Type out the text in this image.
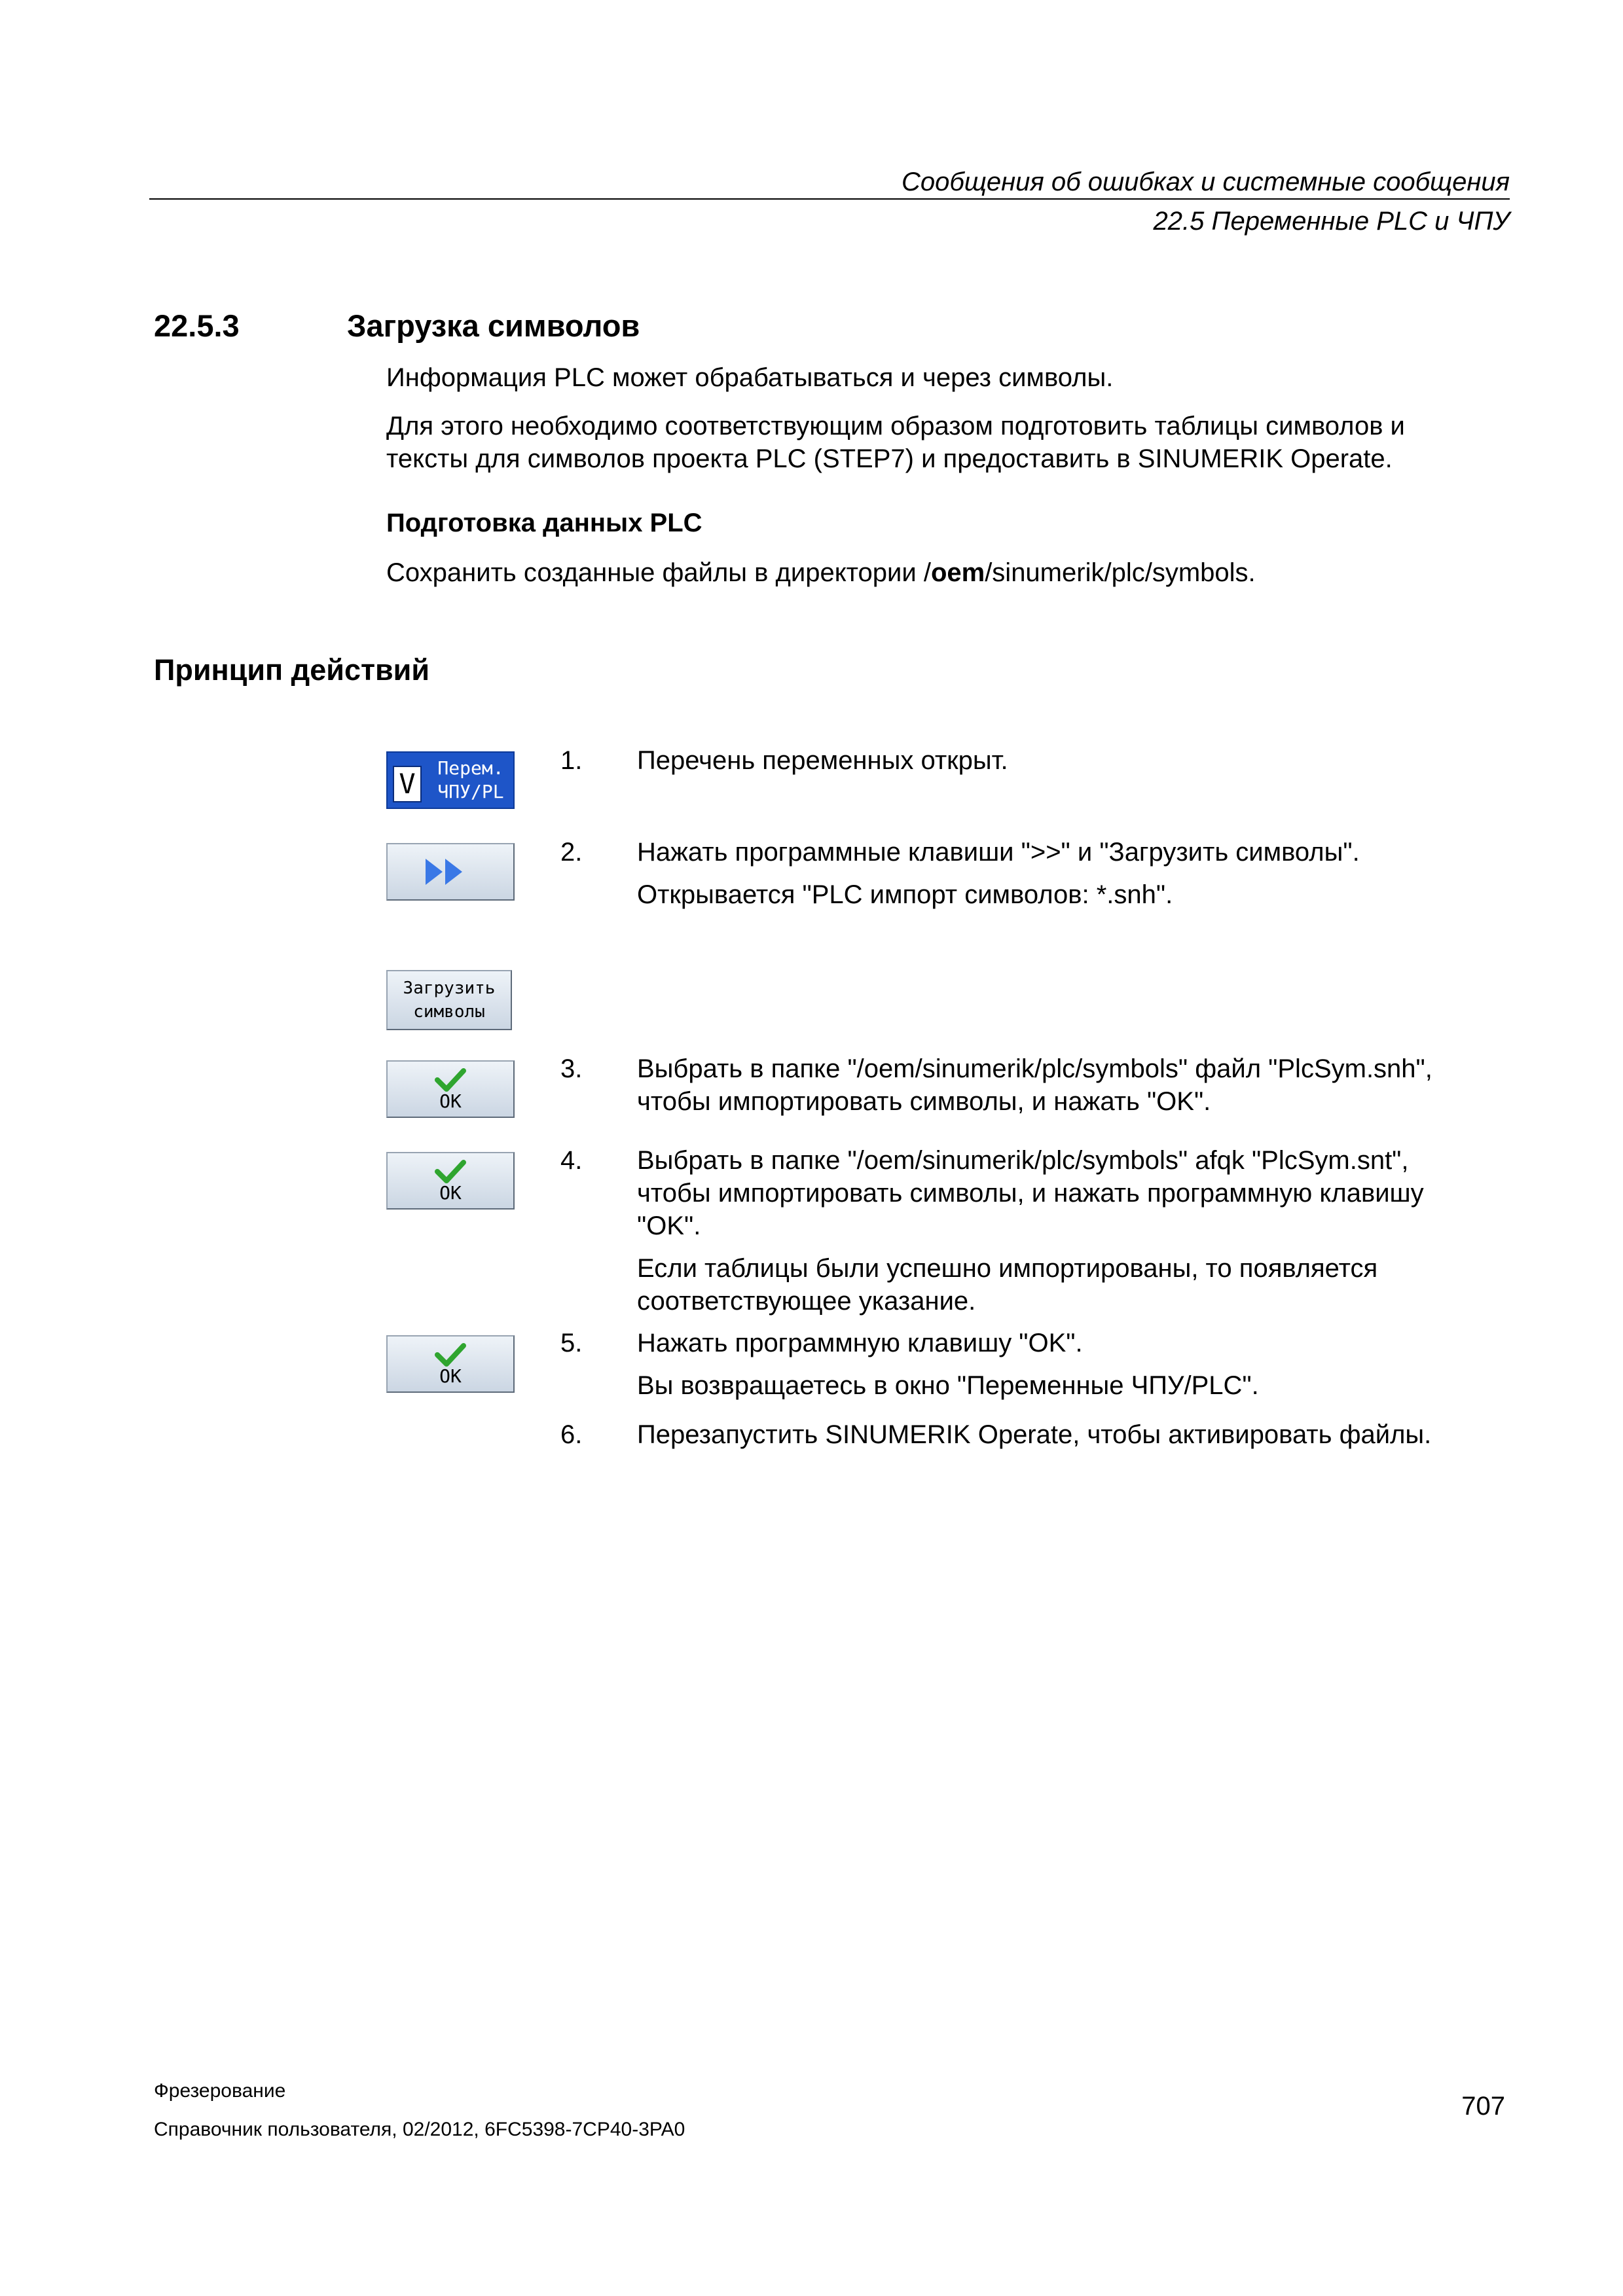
Сообщения об ошибках и системные сообщения
22.5 Переменные PLC и ЧПУ
22.5.3	Загрузка символов
Информация PLC может обрабатываться и через символы.
Для этого необходимо соответствующим образом подготовить таблицы символов и
тексты для символов проекта PLC (STEP7) и предоставить в SINUMERIK Operate.
Подготовка данных PLC
Сохранить созданные файлы в директории /oem/sinumerik/plc/symbols.
Принцип действий
V	Перем.
ЧПУ/PL
Загрузить
символы
OK
OK
OK
1. Перечень переменных открыт.
2. Нажать программные клавиши ">>" и "Загрузить символы".
Открывается "PLC импорт символов: *.snh".
3. Выбрать в папке "/oem/sinumerik/plc/symbols" файл "PlcSym.snh",
чтобы импортировать символы, и нажать "OK".
4. Выбрать в папке "/oem/sinumerik/plc/symbols" afqk "PlcSym.snt",
чтобы импортировать символы, и нажать программную клавишу
"OK".
Если таблицы были успешно импортированы, то появляется
соответствующее указание.
5. Нажать программную клавишу "OK".
Вы возвращаетесь в окно "Переменные ЧПУ/PLC".
6. Перезапустить SINUMERIK Operate, чтобы активировать файлы.
Фрезерование
Справочник пользователя, 02/2012, 6FC5398-7CP40-3PA0
707
